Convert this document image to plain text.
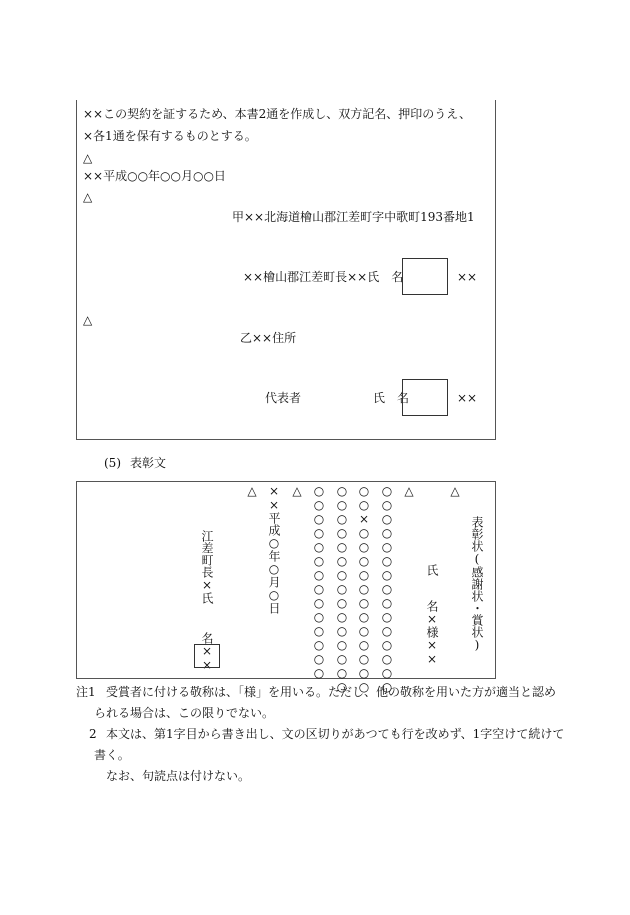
××この契約を証するため、本書2通を作成し、双方記名、押印のうえ、
×各1通を保有するものとする。
△
××平成○○年○○月○○日
△
甲××北海道檜山郡江差町字中歌町193番地1
××檜山郡江差町長××氏　名	××
△
乙××住所
代表者	氏　名	××
(5) 表彰文
表彰状(感謝状・賞状)
△
氏　　名×様××
△
○○○○○○○○○○○○○○○
○○×○○○○○○○○○○○○
○○○○○○○○○○○○○○○
○○○○○○○○○○○○○○
△
××平成○年○月○日
△
江差町長×氏
名××
注1 受賞者に付ける敬称は、「様」を用いる。ただし、他の敬称を用いた方が適当と認め
られる場合は、この限りでない。
2 本文は、第1字目から書き出し、文の区切りがあつても行を改めず、1字空けて続けて
書く。
なお、句読点は付けない。
